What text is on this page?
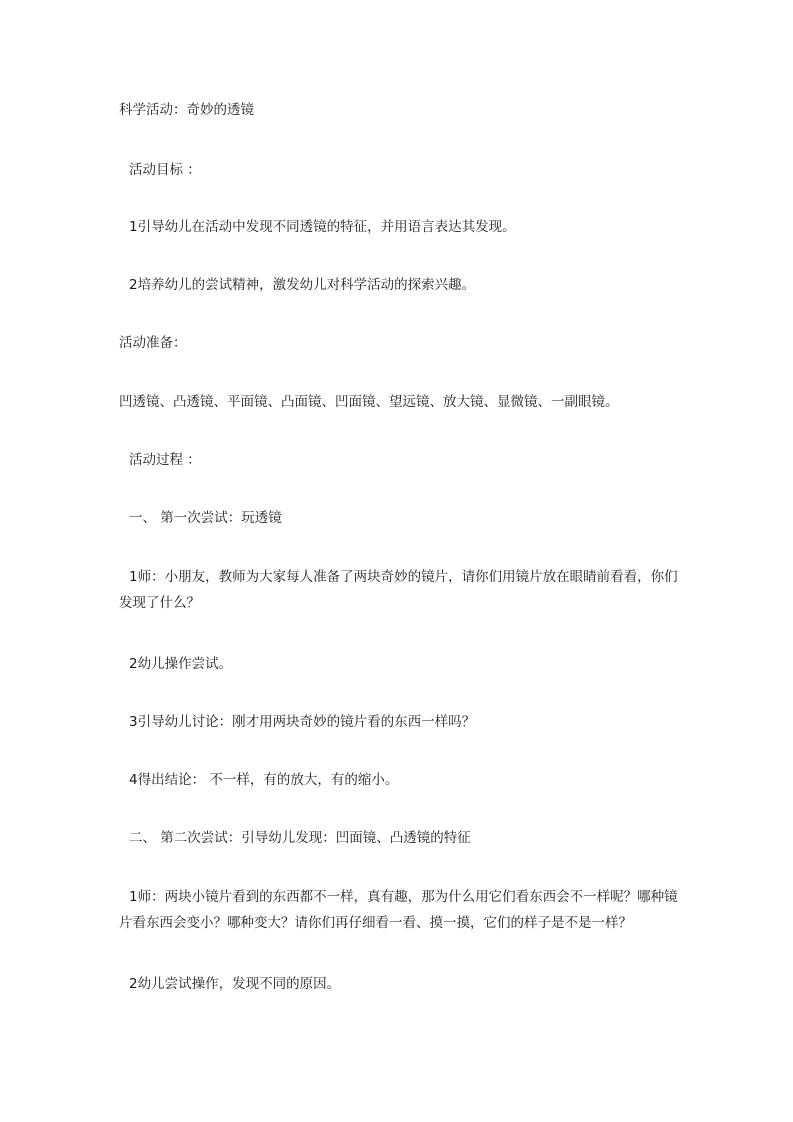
科学活动：奇妙的透镜
活动目标 ：
1引导幼儿在活动中发现不同透镜的特征，并用语言表达其发现。
2培养幼儿的尝试精神，激发幼儿对科学活动的探索兴趣。
活动准备：
凹透镜、凸透镜、平面镜、凸面镜、凹面镜、望远镜、放大镜、显微镜、一副眼镜。
活动过程 ：
一、 第一次尝试：玩透镜
1师：小朋友，教师为大家每人准备了两块奇妙的镜片，请你们用镜片放在眼睛前看看，你们发现了什么？
2幼儿操作尝试。
3引导幼儿讨论：刚才用两块奇妙的镜片看的东西一样吗？
4得出结论： 不一样，有的放大，有的缩小。
二、 第二次尝试：引导幼儿发现：凹面镜、凸透镜的特征
1师：两块小镜片看到的东西都不一样，真有趣，那为什么用它们看东西会不一样呢？哪种镜片看东西会变小？哪种变大？请你们再仔细看一看、摸一摸，它们的样子是不是一样？
2幼儿尝试操作，发现不同的原因。
